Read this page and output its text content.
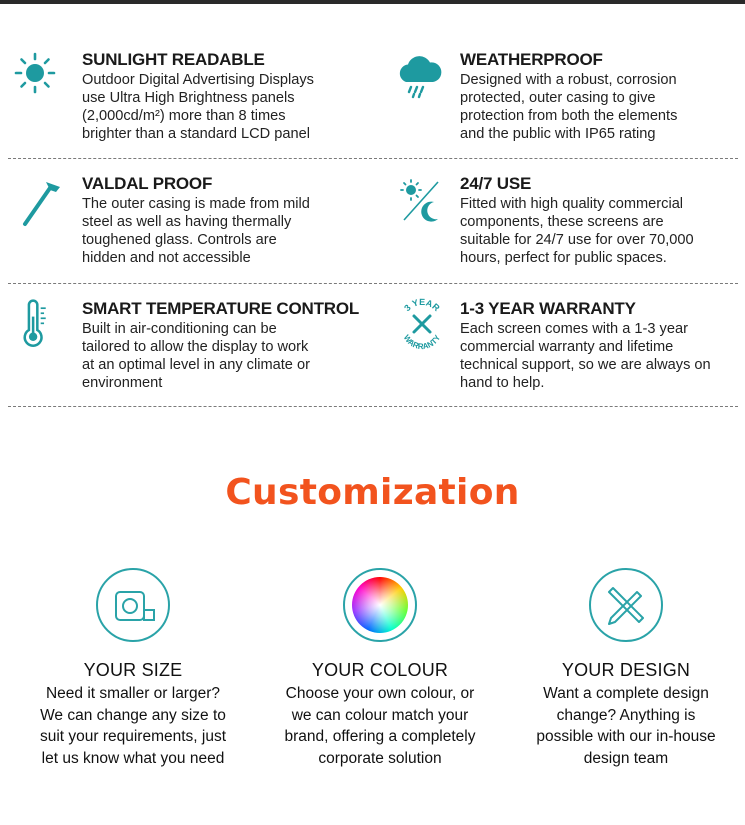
SUNLIGHT READABLE

Outdoor Digital Advertising Displays
use Ultra High Brightness panels
(2,000cd/m²) more than 8 times
brighter than a standard LCD panel

WEATHERPROOF

Designed with a robust, corrosion
protected, outer casing to give
protection from both the elements
and the public with IP65 rating

VALDAL PROOF

The outer casing is made from mild
steel as well as having thermally
toughened glass. Controls are
hidden and not accessible

24/7 USE

Fitted with high quality commercial
components, these screens are
suitable for 24/7 use for over 70,000
hours, perfect for public spaces.

SMART TEMPERATURE CONTROL

Built in air-conditioning can be
tailored to allow the display to work
at an optimal level in any climate or
environment

3 YEAR
WARRANTY
1-3 YEAR WARRANTY

Each screen comes with a 1-3 year
commercial warranty and lifetime
technical support, so we are always on
hand to help.

Customization
YOUR SIZE

Need it smaller or larger?
We can change any size to
suit your requirements, just
let us know what you need

YOUR COLOUR

Choose your own colour, or
we can colour match your
brand, offering a completely
corporate solution

YOUR DESIGN

Want a complete design
change? Anything is
possible with our in-house
design team
